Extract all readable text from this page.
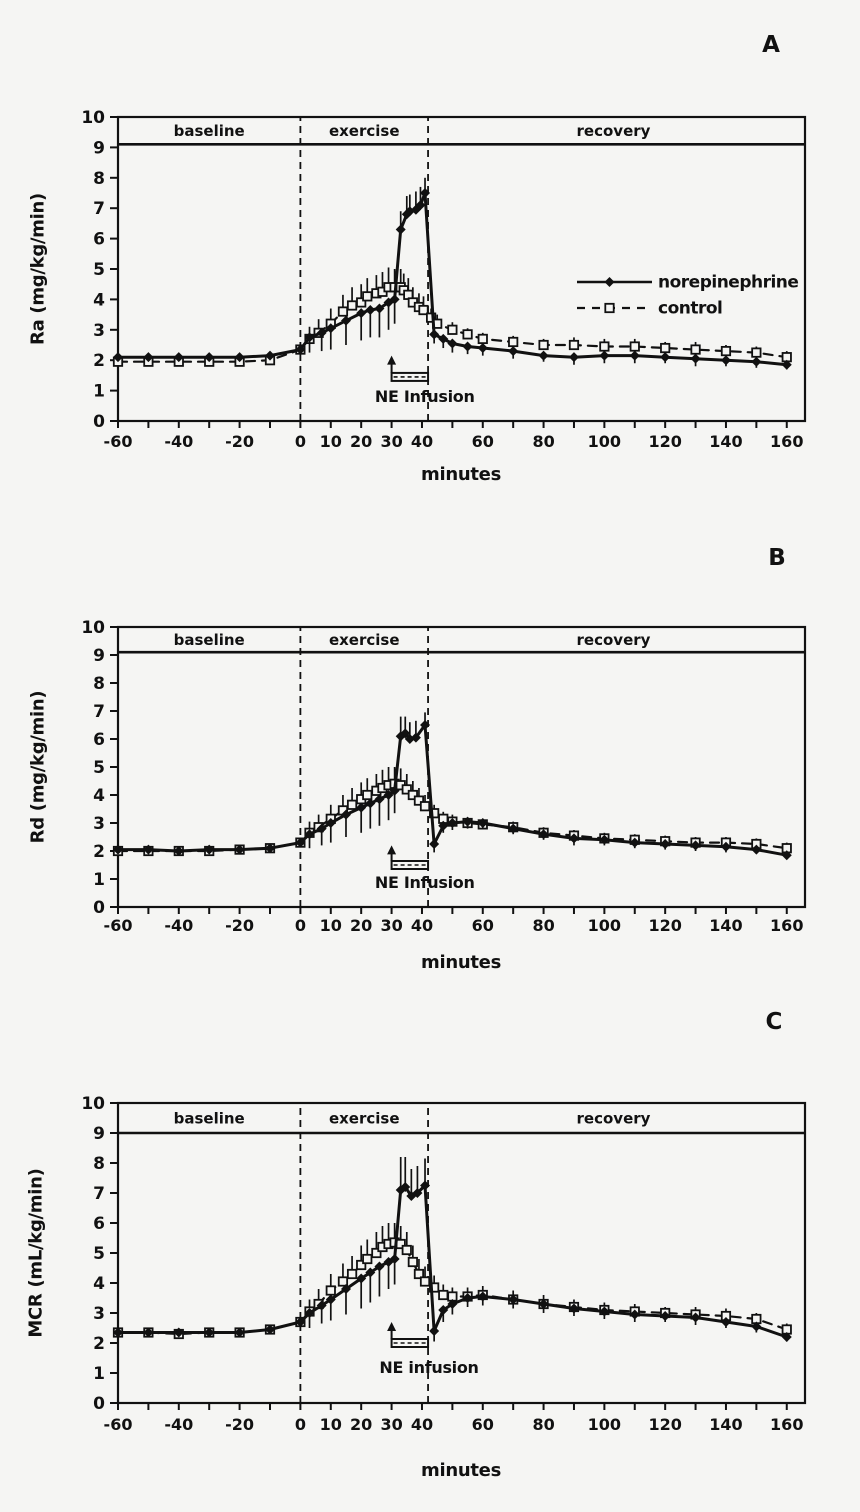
0
1
2
3
4
5
6
7
8
9
10
-60 -40 -20	0 10 20 30 40 60 80 100 120 140 160
baseline	exercise	recovery
NE Infusion
norepinephrine
control
0
1
2
3
4
5
6
7
8
9
10
-60 -40 -20	0 10 20 30 40 60 80 100 120 140 160
baseline	exercise	recovery
NE Infusion
0
1
2
3
4
5
6
7
8
9
10
-60 -40 -20	0 10 20 30 40 60 80 100 120 140 160
baseline	exercise	recovery
NE infusion
A
B
C
Ra (mg/kg/min)
Rd (mg/kg/min)
MCR (mL/kg/min)
minutes
minutes
minutes
